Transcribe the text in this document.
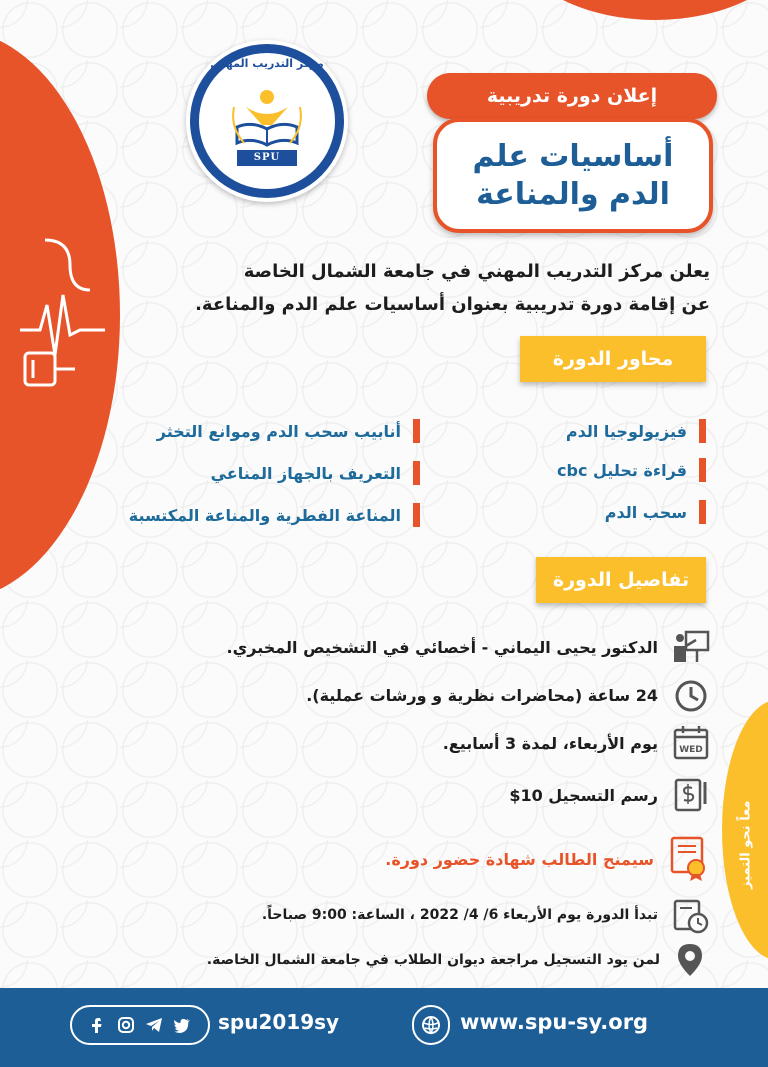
معاً نحو التميز
مركز التدريب المهني
SPU
إعلان دورة تدريبية
أساسيات علم
الدم والمناعة
يعلن مركز التدريب المهني في جامعة الشمال الخاصة
عن إقامة دورة تدريبية بعنوان أساسيات علم الدم والمناعة.
محاور الدورة
فيزيولوجيا الدم
قراءة تحليل cbc
سحب الدم
أنابيب سحب الدم وموانع التخثر
التعريف بالجهاز المناعي
المناعة الفطرية والمناعة المكتسبة
تفاصيل الدورة
الدكتور يحيى اليماني - أخصائي في التشخيص المخبري.
24 ساعة (محاضرات نظرية و ورشات عملية).
WED
يوم الأربعاء، لمدة 3 أسابيع.
رسم التسجيل 10$
سيمنح الطالب شهادة حضور دورة.
تبدأ الدورة يوم الأربعاء 6/ 4/ 2022 ، الساعة: 9:00 صباحاً.
لمن يود التسجيل مراجعة ديوان الطلاب في جامعة الشمال الخاصة.
spu2019sy	www.spu-sy.org
